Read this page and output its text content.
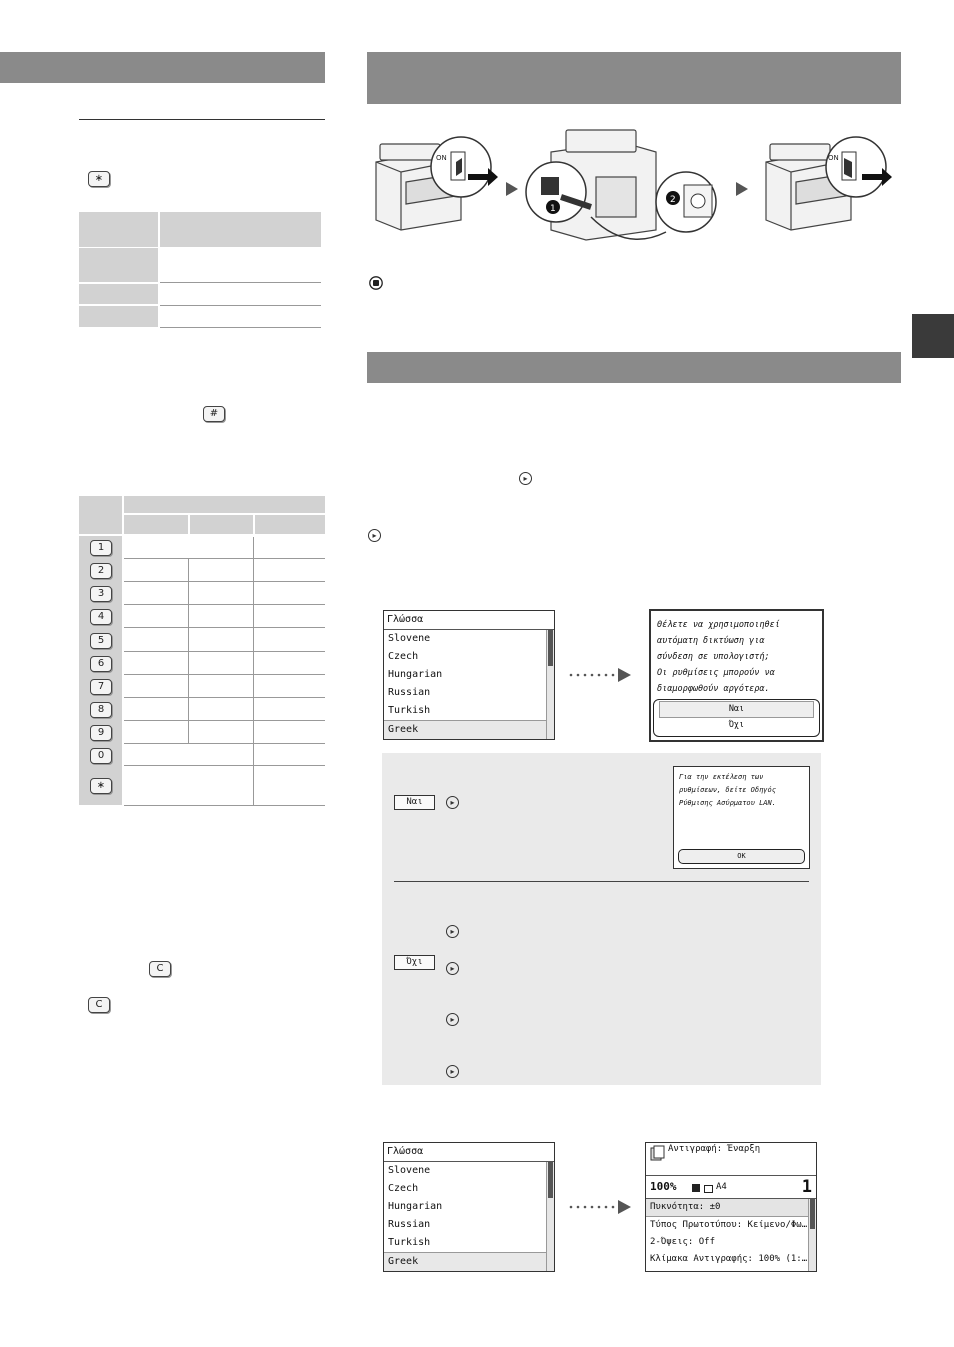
∗
#
1
2
3
4
5
6
7
8
9
0
∗
C
C
ON
1
2
ON
▸
▸
Γλώσσα
Slovene
Czech
Hungarian
Russian
Turkish
Greek
Θέλετε να χρησιμοποιηθεί
αυτόματη δικτύωση για
σύνδεση σε υπολογιστή;
Οι ρυθμίσεις μπορούν να
διαμορφωθούν αργότερα.
Ναι
Όχι
Ναι	▸
Για την εκτέλεση των
ρυθμίσεων, δείτε Οδηγός
Ρύθμισης Ασύρματου LAN.
OK
Όχι
▸
▸
▸
▸
Γλώσσα
Slovene
Czech
Hungarian
Russian
Turkish
Greek
Αντιγραφή: Έναρξη
100%	A4	1
Πυκνότητα: ±0
Τύπος Πρωτοτύπου: Κείμενο/Φω…
2-Όψεις: Off
Κλίμακα Αντιγραφής: 100% (1:…
